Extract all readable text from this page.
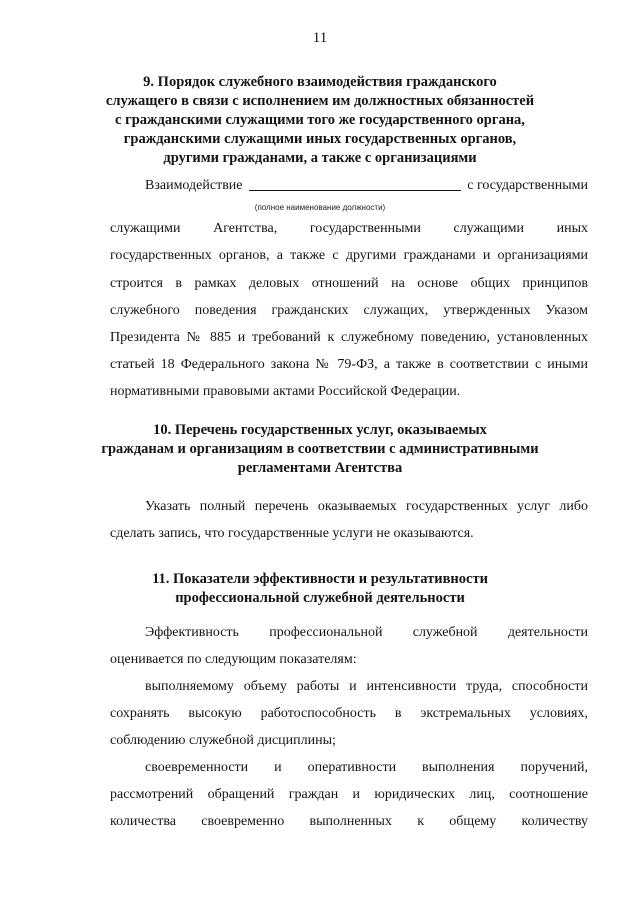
11
9. Порядок служебного взаимодействия гражданского
служащего в связи с исполнением им должностных обязанностей
с гражданскими служащими того же государственного органа,
гражданскими служащими иных государственных органов,
другими гражданами, а также с организациями
Взаимодействие	с государственными
(полное наименование должности)
служащими Агентства, государственными служащими иных
государственных органов, а также с другими гражданами и организациями
строится в рамках деловых отношений на основе общих принципов
служебного поведения гражданских служащих, утвержденных Указом
Президента № 885 и требований к служебному поведению, установленных
статьей 18 Федерального закона № 79-ФЗ, а также в соответствии с иными
нормативными правовыми актами Российской Федерации.
10. Перечень государственных услуг, оказываемых
гражданам и организациям в соответствии с административными
регламентами Агентства
Указать полный перечень оказываемых государственных услуг либо
сделать запись, что государственные услуги не оказываются.
11. Показатели эффективности и результативности
профессиональной служебной деятельности
Эффективность профессиональной служебной деятельности
оценивается по следующим показателям:
выполняемому объему работы и интенсивности труда, способности
сохранять высокую работоспособность в экстремальных условиях,
соблюдению служебной дисциплины;
своевременности и оперативности выполнения поручений,
рассмотрений обращений граждан и юридических лиц, соотношение
количества своевременно выполненных к общему количеству
